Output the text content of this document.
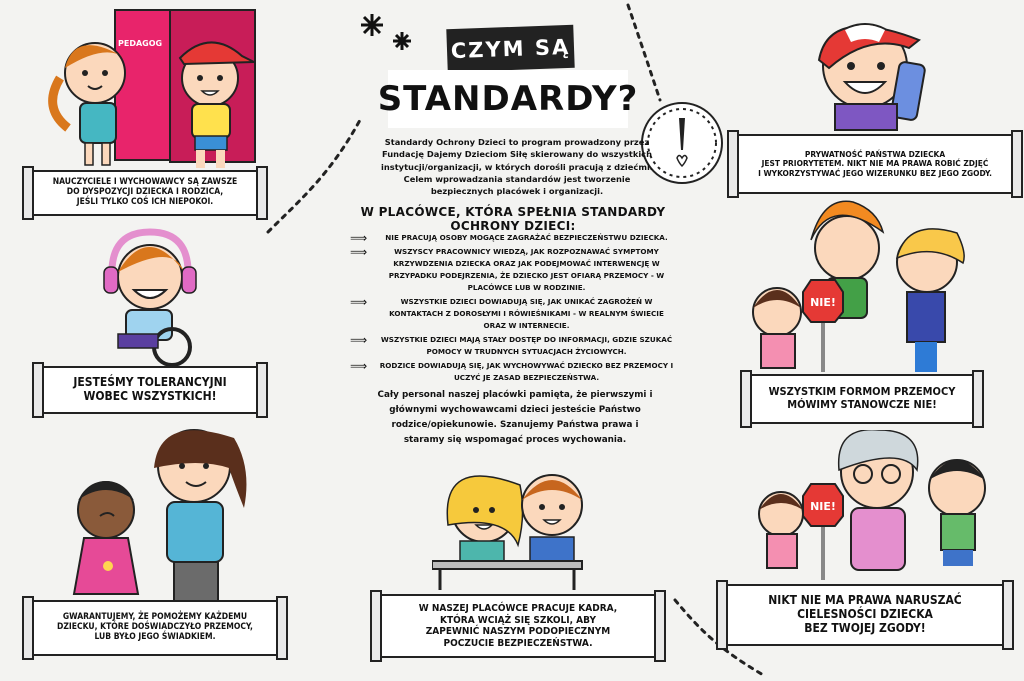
PEDAGOG
NIE!
NIE!
CZYM SĄ
STANDARDY?
Standardy Ochrony Dzieci to program prowadzony przez Fundację Dajemy Dzieciom Siłę skierowany do wszystkich instytucji/organizacji, w których dorośli pracują z dziećmi. Celem wprowadzania standardów jest tworzenie bezpiecznych placówek i organizacji.
W PLACÓWCE, KTÓRA SPEŁNIA STANDARDY OCHRONY DZIECI:
⟹	NIE PRACUJĄ OSOBY MOGĄCE ZAGRAŻAĆ BEZPIECZEŃSTWU DZIECKA.
⟹	WSZYSCY PRACOWNICY WIEDZĄ, JAK ROZPOZNAWAĆ SYMPTOMY KRZYWDZENIA DZIECKA ORAZ JAK PODEJMOWAĆ INTERWENCJĘ W PRZYPADKU PODEJRZENIA, ŻE DZIECKO JEST OFIARĄ PRZEMOCY - W PLACÓWCE LUB W RODZINIE.
⟹	WSZYSTKIE DZIECI DOWIADUJĄ SIĘ, JAK UNIKAĆ ZAGROŻEŃ W KONTAKTACH Z DOROSŁYMI I RÓWIEŚNIKAMI - W REALNYM ŚWIECIE ORAZ W INTERNECIE.
⟹	WSZYSTKIE DZIECI MAJĄ STAŁY DOSTĘP DO INFORMACJI, GDZIE SZUKAĆ POMOCY W TRUDNYCH SYTUACJACH ŻYCIOWYCH.
⟹	RODZICE DOWIADUJĄ SIĘ, JAK WYCHOWYWAĆ DZIECKO BEZ PRZEMOCY I UCZYĆ JE ZASAD BEZPIECZEŃSTWA.
Cały personal naszej placówki pamięta, że pierwszymi i głównymi wychowawcami dzieci jesteście Państwo rodzice/opiekunowie. Szanujemy Państwa prawa i staramy się wspomagać proces wychowania.
NAUCZYCIELE I WYCHOWAWCY SĄ ZAWSZE
DO DYSPOZYCJI DZIECKA I RODZICA,
JEŚLI TYLKO COŚ ICH NIEPOKOI.
JESTEŚMY TOLERANCYJNI
WOBEC WSZYSTKICH!
GWARANTUJEMY, ŻE POMOŻEMY KAŻDEMU
DZIECKU, KTÓRE DOŚWIADCZYŁO PRZEMOCY,
LUB BYŁO JEGO ŚWIADKIEM.
W NASZEJ PLACÓWCE PRACUJE KADRA,
KTÓRA WCIĄŻ SIĘ SZKOLI, ABY
ZAPEWNIĆ NASZYM PODOPIECZNYM
POCZUCIE BEZPIECZEŃSTWA.
PRYWATNOŚĆ PAŃSTWA DZIECKA
JEST PRIORYTETEM. NIKT NIE MA PRAWA ROBIĆ ZDJĘĆ
I WYKORZYSTYWAĆ JEGO WIZERUNKU BEZ JEGO ZGODY.
WSZYSTKIM FORMOM PRZEMOCY
MÓWIMY STANOWCZE NIE!
NIKT NIE MA PRAWA NARUSZAĆ
CIELESNOŚCI DZIECKA
BEZ TWOJEJ ZGODY!
